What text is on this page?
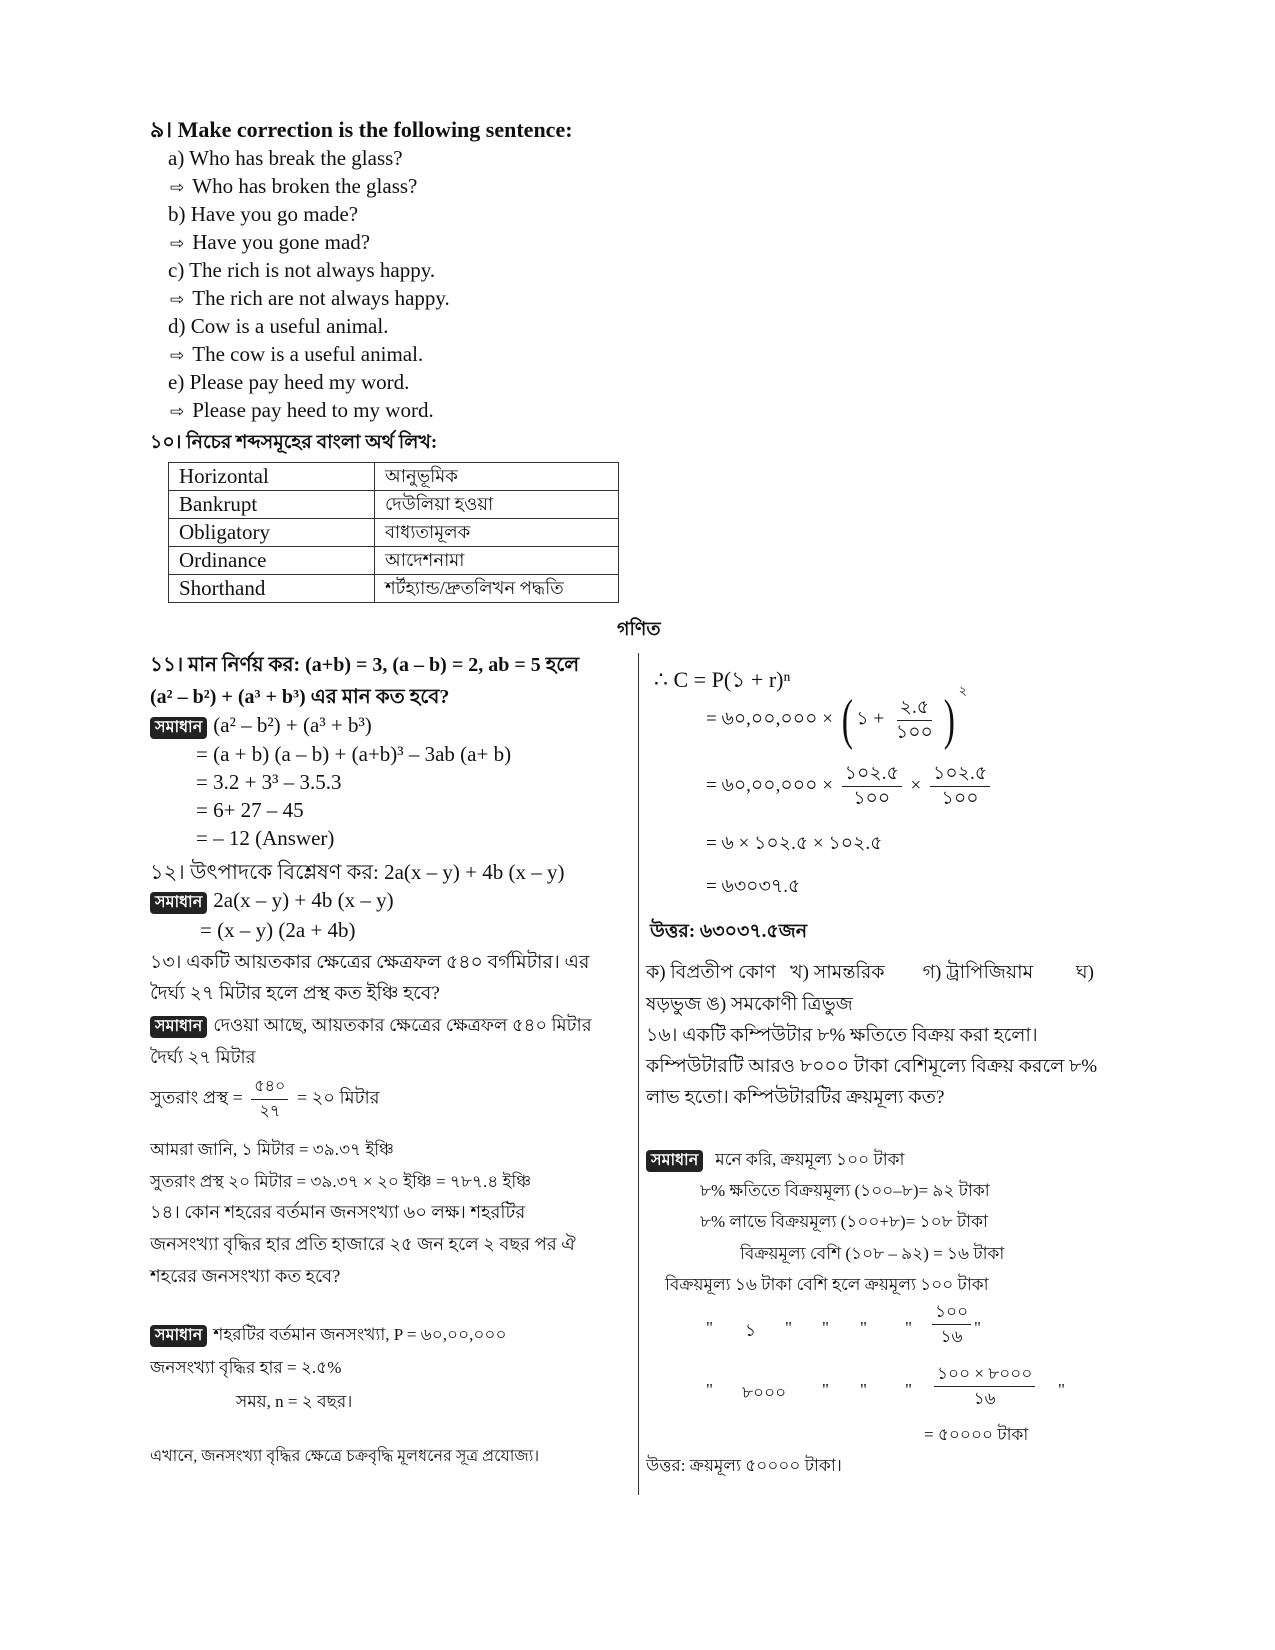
৯। Make correction is the following sentence:
a) Who has break the glass?
⇨ Who has broken the glass?
b) Have you go made?
⇨ Have you gone mad?
c) The rich is not always happy.
⇨ The rich are not always happy.
d) Cow is a useful animal.
⇨ The cow is a useful animal.
e) Please pay heed my word.
⇨ Please pay heed to my word.
১০। নিচের শব্দসমূহের বাংলা অর্থ লিখ:
Horizontal	আনুভূমিক
Bankrupt	দেউলিয়া হওয়া
Obligatory	বাধ্যতামূলক
Ordinance	আদেশনামা
Shorthand	শর্টহ্যান্ড/দ্রুতলিখন পদ্ধতি
গণিত
১১। মান নির্ণয় কর: (a+b) = 3, (a – b) = 2, ab = 5 হলে
(a² – b²) + (a³ + b³) এর মান কত হবে?
সমাধান (a² – b²) + (a³ + b³)
= (a + b) (a – b) + (a+b)³ – 3ab (a+ b)
= 3.2 + 3³ – 3.5.3
= 6+ 27 – 45
= – 12 (Answer)
১২। উৎপাদকে বিশ্লেষণ কর: 2a(x – y) + 4b (x – y)
সমাধান 2a(x – y) + 4b (x – y)
= (x – y) (2a + 4b)
১৩। একটি আয়তকার ক্ষেত্রের ক্ষেত্রফল ৫৪০ বর্গমিটার। এর
দৈর্ঘ্য ২৭ মিটার হলে প্রস্থ কত ইঞ্চি হবে?
সমাধান দেওয়া আছে, আয়তকার ক্ষেত্রের ক্ষেত্রফল ৫৪০ মিটার
দৈর্ঘ্য ২৭ মিটার
সুতরাং প্রস্থ = $\frac{৫৪০}{২৭}$ = ২০ মিটার
আমরা জানি, ১ মিটার = ৩৯.৩৭ ইঞ্চি
সুতরাং প্রস্থ ২০ মিটার = ৩৯.৩৭ × ২০ ইঞ্চি = ৭৮৭.৪ ইঞ্চি
১৪। কোন শহরের বর্তমান জনসংখ্যা ৬০ লক্ষ। শহরটির
জনসংখ্যা বৃদ্ধির হার প্রতি হাজারে ২৫ জন হলে ২ বছর পর ঐ
শহরের জনসংখ্যা কত হবে?
সমাধান শহরটির বর্তমান জনসংখ্যা, P = ৬০,০০,০০০
জনসংখ্যা বৃদ্ধির হার = ২.৫%
সময়, n = ২ বছর।
এখানে, জনসংখ্যা বৃদ্ধির ক্ষেত্রে চক্রবৃদ্ধি মূলধনের সূত্র প্রযোজ্য।
∴ C = P(১ + r)ⁿ
= ৬০,০০,০০০ × ( ১ + $\frac{২.৫}{১০০}$ ) $^২$
= ৬০,০০,০০০ × $\frac{১০২.৫}{১০০} \times \frac{১০২.৫}{১০০}$
= ৬ × ১০২.৫ × ১০২.৫
= ৬৩০৩৭.৫
উত্তর: ৬৩০৩৭.৫জন
ক) বিপ্রতীপ কোণ   খ) সামন্তরিক        গ) ট্রাপিজিয়াম         ঘ)
ষড়ভুজ ঙ) সমকোণী ত্রিভুজ
১৬। একটি কম্পিউটার ৮% ক্ষতিতে বিক্রয় করা হলো।
কম্পিউটারটি আরও ৮০০০ টাকা বেশিমূল্যে বিক্রয় করলে ৮%
লাভ হতো। কম্পিউটারটির ক্রয়মূল্য কত?
সমাধান মনে করি, ক্রয়মূল্য ১০০ টাকা
৮% ক্ষতিতে বিক্রয়মূল্য (১০০–৮)= ৯২ টাকা
৮% লাভে বিক্রয়মূল্য (১০০+৮)= ১০৮ টাকা
বিক্রয়মূল্য বেশি (১০৮ – ৯২) = ১৬ টাকা
বিক্রয়মূল্য ১৬ টাকা বেশি হলে ক্রয়মূল্য ১০০ টাকা
" ১ " " " " $\frac{১০০}{১৬}$ "
" ৮০০০ " " " $\frac{১০০ \times ৮০০০}{১৬}$ "
= ৫০০০০ টাকা
উত্তর: ক্রয়মূল্য ৫০০০০ টাকা।
